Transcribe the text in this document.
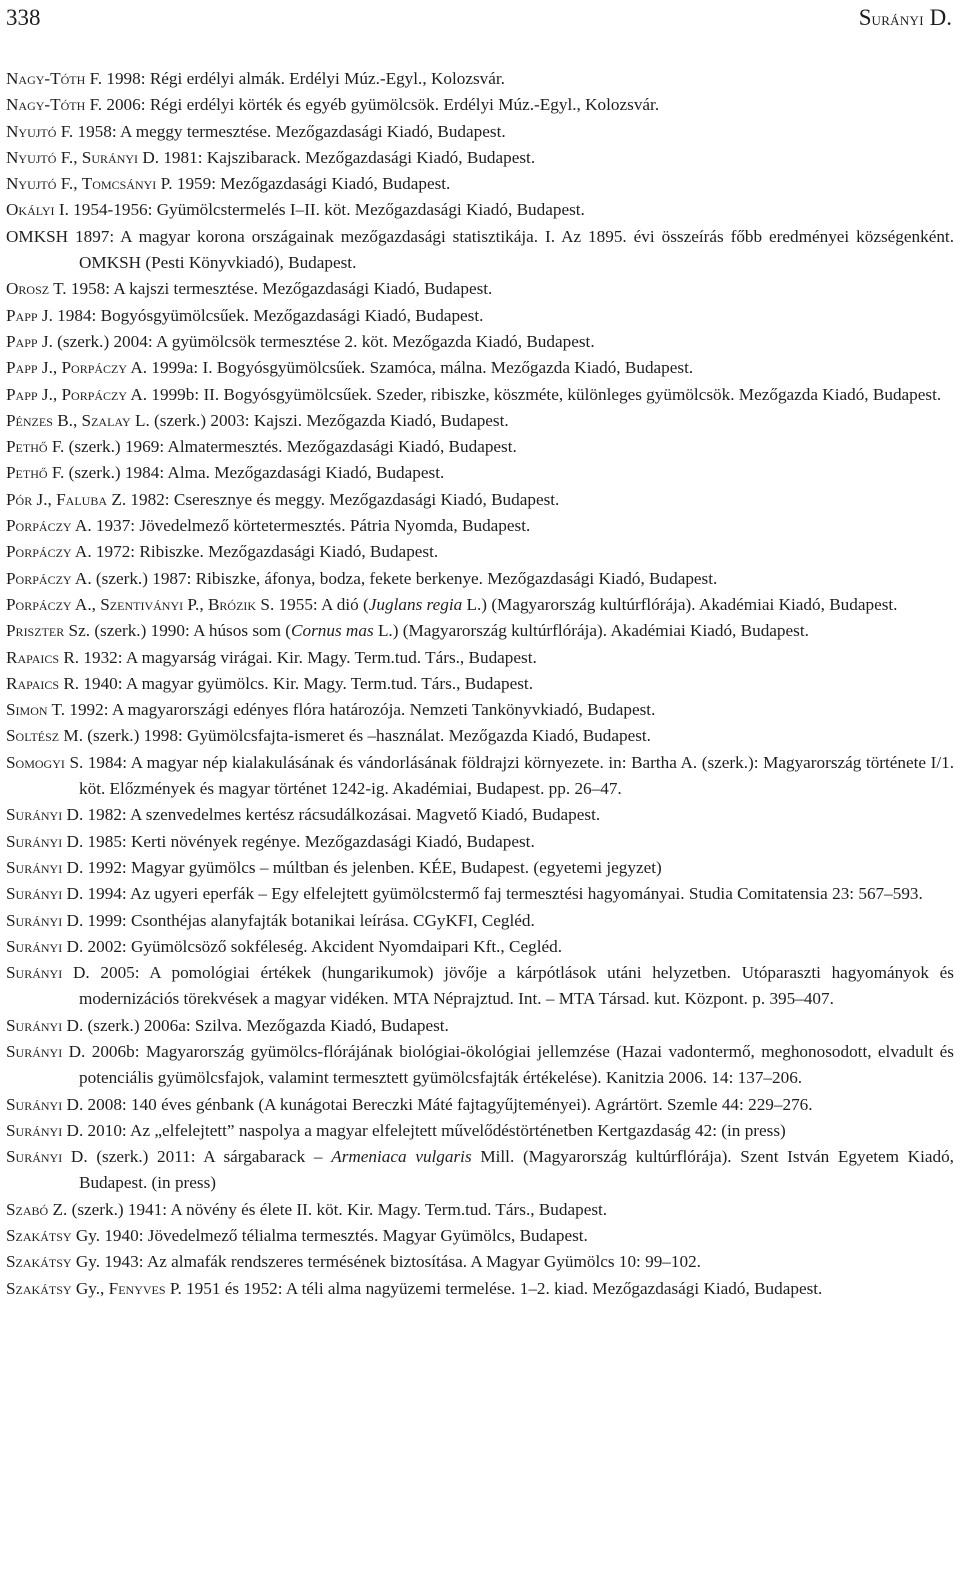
338	Surányi D.

Nagy-Tóth F. 1998: Régi erdélyi almák. Erdélyi Múz.-Egyl., Kolozsvár.

Nagy-Tóth F. 2006: Régi erdélyi körték és egyéb gyümölcsök. Erdélyi Múz.-Egyl., Kolozsvár.

Nyujtó F. 1958: A meggy termesztése. Mezőgazdasági Kiadó, Budapest.

Nyujtó F., Surányi D. 1981: Kajszibarack. Mezőgazdasági Kiadó, Budapest.

Nyujtó F., Tomcsányi P. 1959: Mezőgazdasági Kiadó, Budapest.

Okályi I. 1954-1956: Gyümölcstermelés I–II. köt. Mezőgazdasági Kiadó, Budapest.

OMKSH 1897: A magyar korona országainak mezőgazdasági statisztikája. I. Az 1895. évi összeírás főbb eredményei községenként. OMKSH (Pesti Könyvkiadó), Budapest.

Orosz T. 1958: A kajszi termesztése. Mezőgazdasági Kiadó, Budapest.

Papp J. 1984: Bogyósgyümölcsűek. Mezőgazdasági Kiadó, Budapest.

Papp J. (szerk.) 2004: A gyümölcsök termesztése 2. köt. Mezőgazda Kiadó, Budapest.

Papp J., Porpáczy A. 1999a: I. Bogyósgyümölcsűek. Szamóca, málna. Mezőgazda Kiadó, Budapest.

Papp J., Porpáczy A. 1999b: II. Bogyósgyümölcsűek. Szeder, ribiszke, köszméte, különleges gyümölcsök. Mezőgazda Kiadó, Budapest.

Pénzes B., Szalay L. (szerk.) 2003: Kajszi. Mezőgazda Kiadó, Budapest.

Pethő F. (szerk.) 1969: Almatermesztés. Mezőgazdasági Kiadó, Budapest.

Pethő F. (szerk.) 1984: Alma. Mezőgazdasági Kiadó, Budapest.

Pór J., Faluba Z. 1982: Cseresznye és meggy. Mezőgazdasági Kiadó, Budapest.

Porpáczy A. 1937: Jövedelmező körtetermesztés. Pátria Nyomda, Budapest.

Porpáczy A. 1972: Ribiszke. Mezőgazdasági Kiadó, Budapest.

Porpáczy A. (szerk.) 1987: Ribiszke, áfonya, bodza, fekete berkenye. Mezőgazdasági Kiadó, Budapest.

Porpáczy A., Szentiványi P., Brózik S. 1955: A dió (Juglans regia L.) (Magyarország kultúrflórája). Akadémiai Kiadó, Budapest.

Priszter Sz. (szerk.) 1990: A húsos som (Cornus mas L.) (Magyarország kultúrflórája). Akadémiai Kiadó, Budapest.

Rapaics R. 1932: A magyarság virágai. Kir. Magy. Term.tud. Társ., Budapest.

Rapaics R. 1940: A magyar gyümölcs. Kir. Magy. Term.tud. Társ., Budapest.

Simon T. 1992: A magyarországi edényes flóra határozója. Nemzeti Tankönyvkiadó, Budapest.

Soltész M. (szerk.) 1998: Gyümölcsfajta-ismeret és –használat. Mezőgazda Kiadó, Budapest.

Somogyi S. 1984: A magyar nép kialakulásának és vándorlásának földrajzi környezete. in: Bartha A. (szerk.): Magyarország története I/1. köt. Előzmények és magyar történet 1242-ig. Akadémiai, Budapest. pp. 26–47.

Surányi D. 1982: A szenvedelmes kertész rácsudálkozásai. Magvető Kiadó, Budapest.

Surányi D. 1985: Kerti növények regénye. Mezőgazdasági Kiadó, Budapest.

Surányi D. 1992: Magyar gyümölcs – múltban és jelenben. KÉE, Budapest. (egyetemi jegyzet)

Surányi D. 1994: Az ugyeri eperfák – Egy elfelejtett gyümölcstermő faj termesztési hagyományai. Studia Comitatensia 23: 567–593.

Surányi D. 1999: Csonthéjas alanyfajták botanikai leírása. CGyKFI, Cegléd.

Surányi D. 2002: Gyümölcsöző sokféleség. Akcident Nyomdaipari Kft., Cegléd.

Surányi D. 2005: A pomológiai értékek (hungarikumok) jövője a kárpótlások utáni helyzetben. Utóparaszti hagyományok és modernizációs törekvések a magyar vidéken. MTA Néprajztud. Int. – MTA Társad. kut. Központ. p. 395–407.

Surányi D. (szerk.) 2006a: Szilva. Mezőgazda Kiadó, Budapest.

Surányi D. 2006b: Magyarország gyümölcs-flórájának biológiai-ökológiai jellemzése (Hazai vadontermő, meghonosodott, elvadult és potenciális gyümölcsfajok, valamint termesztett gyümölcsfajták értékelése). Kanitzia 2006. 14: 137–206.

Surányi D. 2008: 140 éves génbank (A kunágotai Bereczki Máté fajtagyűjteményei). Agrártört. Szemle 44: 229–276.

Surányi D. 2010: Az „elfelejtett” naspolya a magyar elfelejtett művelődéstörténetben Kertgazdaság 42: (in press)

Surányi D. (szerk.) 2011: A sárgabarack – Armeniaca vulgaris Mill. (Magyarország kultúrflórája). Szent István Egyetem Kiadó, Budapest. (in press)

Szabó Z. (szerk.) 1941: A növény és élete II. köt. Kir. Magy. Term.tud. Társ., Budapest.

Szakátsy Gy. 1940: Jövedelmező télialma termesztés. Magyar Gyümölcs, Budapest.

Szakátsy Gy. 1943: Az almafák rendszeres termésének biztosítása. A Magyar Gyümölcs 10: 99–102.

Szakátsy Gy., Fenyves P. 1951 és 1952: A téli alma nagyüzemi termelése. 1–2. kiad. Mezőgazdasági Kiadó, Budapest.
